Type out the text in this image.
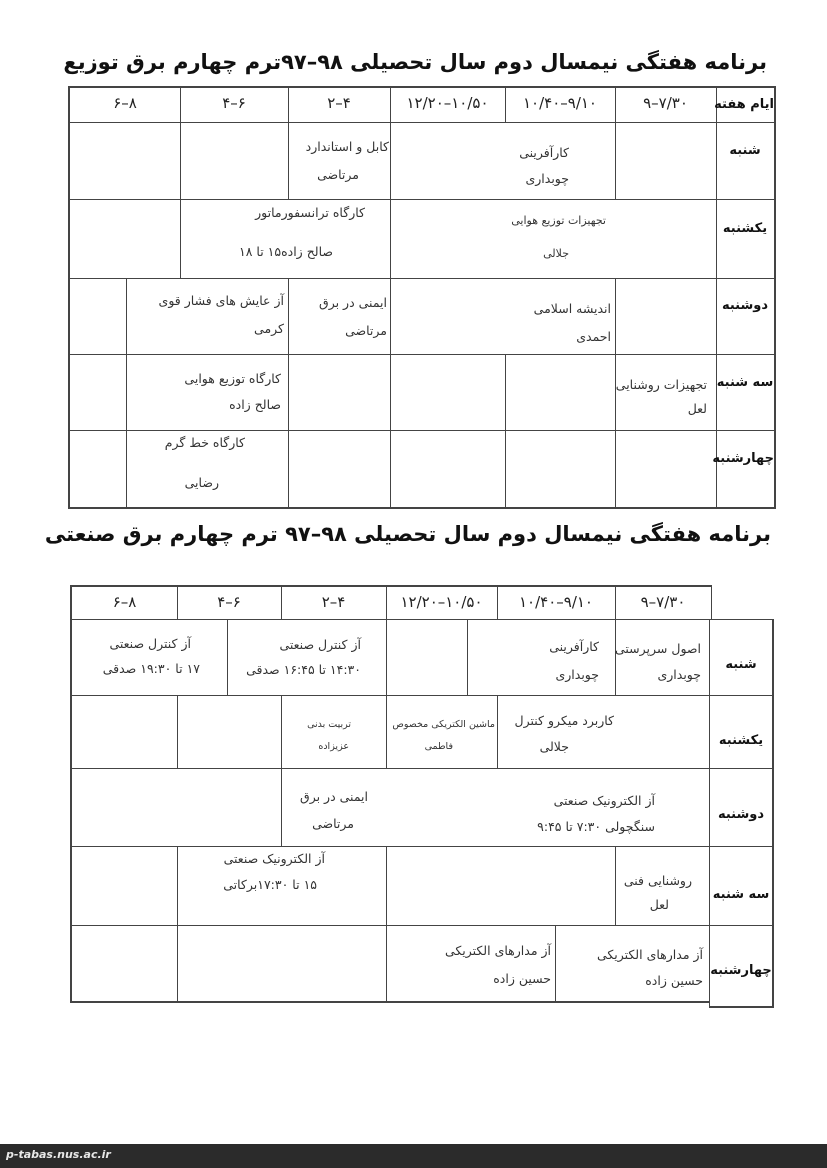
برنامه هفتگی نیمسال دوم سال تحصیلی ۹۸–۹۷ترم چهارم برق توزیع
ایام هفته
۹–۷/۳۰
۱۰/۴۰–۹/۱۰
۱۲/۲۰–۱۰/۵۰
۲–۴
۴–۶
۶–۸
شنبه
یکشنبه
دوشنبه
سه شنبه
چهارشنبه
کارآفرینی
چوبداری
کابل و استاندارد
مرتاضی
تجهیزات توزیع هوایی
جلالی
کارگاه ترانسفورماتور
صالح زاده۱۵ تا ۱۸
اندیشه اسلامی
احمدی
ایمنی در برق
مرتاضی
آز عایش های فشار قوی
کرمی
تجهیزات روشنایی
لعل
کارگاه توزیع هوایی
صالح زاده
کارگاه خط گرم
رضایی
برنامه هفتگی نیمسال دوم سال تحصیلی ۹۸–۹۷ ترم چهارم برق صنعتی
۹–۷/۳۰
۱۰/۴۰–۹/۱۰
۱۲/۲۰–۱۰/۵۰
۲–۴
۴–۶
۶–۸
شنبه
یکشنبه
دوشنبه
سه شنبه
چهارشنبه
اصول سرپرستی
چوبداری
کارآفرینی
چوبداری
آز کنترل صنعتی
۱۴:۳۰ تا ۱۶:۴۵ صدقی
آز کنترل صنعتی
۱۷ تا ۱۹:۳۰ صدقی
کاربرد میکرو کنترل
جلالی
ماشین الکتریکی مخصوص
فاطمی
تربیت بدنی
عزیزاده
آز الکترونیک صنعتی
سنگچولی ۷:۳۰ تا ۹:۴۵
ایمنی در برق
مرتاضی
روشنایی فنی
لعل
آز الکترونیک صنعتی
۱۵ تا ۱۷:۳۰برکاتی
آز مدارهای الکتریکی
حسین زاده
آز مدارهای الکتریکی
حسین زاده
p-tabas.nus.ac.ir
